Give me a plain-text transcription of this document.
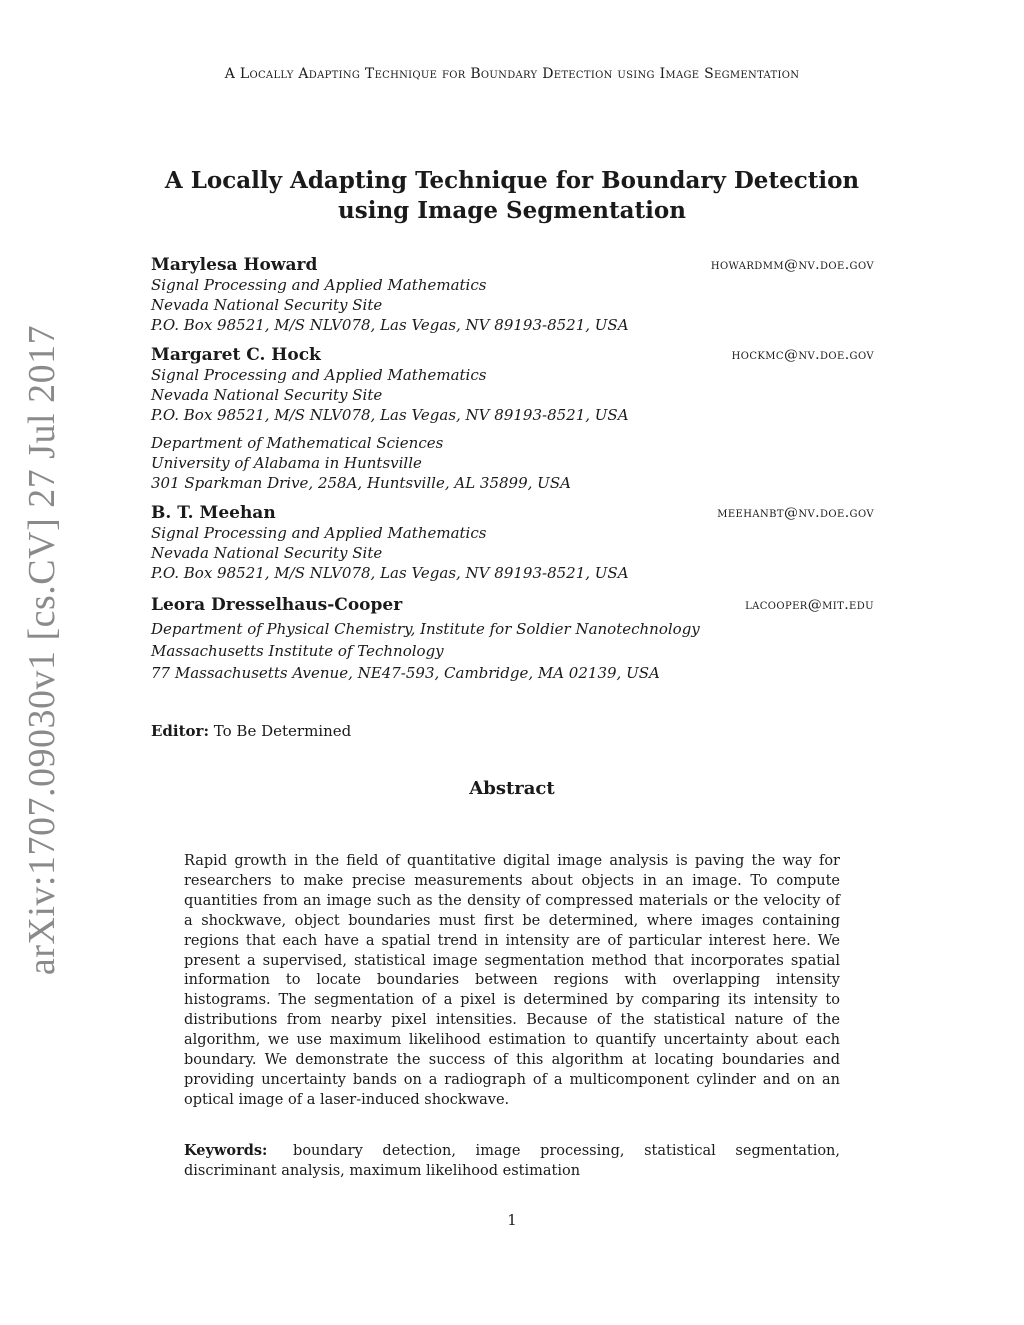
A Locally Adapting Technique for Boundary Detection using Image Segmentation
A Locally Adapting Technique for Boundary Detection using Image Segmentation
Marylesa Howard	howardmm@nv.doe.gov
Signal Processing and Applied Mathematics
Nevada National Security Site
P.O. Box 98521, M/S NLV078, Las Vegas, NV 89193-8521, USA
Margaret C. Hock	hockmc@nv.doe.gov
Signal Processing and Applied Mathematics
Nevada National Security Site
P.O. Box 98521, M/S NLV078, Las Vegas, NV 89193-8521, USA
Department of Mathematical Sciences
University of Alabama in Huntsville
301 Sparkman Drive, 258A, Huntsville, AL 35899, USA
B. T. Meehan	meehanbt@nv.doe.gov
Signal Processing and Applied Mathematics
Nevada National Security Site
P.O. Box 98521, M/S NLV078, Las Vegas, NV 89193-8521, USA
Leora Dresselhaus-Cooper	lacooper@mit.edu
Department of Physical Chemistry, Institute for Soldier Nanotechnology
Massachusetts Institute of Technology
77 Massachusetts Avenue, NE47-593, Cambridge, MA 02139, USA
Editor: To Be Determined
Abstract
Rapid growth in the field of quantitative digital image analysis is paving the way for researchers to make precise measurements about objects in an image. To compute quantities from an image such as the density of compressed materials or the velocity of a shockwave, object boundaries must first be determined, where images containing regions that each have a spatial trend in intensity are of particular interest here. We present a supervised, statistical image segmentation method that incorporates spatial information to locate boundaries between regions with overlapping intensity histograms. The segmentation of a pixel is determined by comparing its intensity to distributions from nearby pixel intensities. Because of the statistical nature of the algorithm, we use maximum likelihood estimation to quantify uncertainty about each boundary. We demonstrate the success of this algorithm at locating boundaries and providing uncertainty bands on a radiograph of a multicomponent cylinder and on an optical image of a laser-induced shockwave.
Keywords: boundary detection, image processing, statistical segmentation, discriminant analysis, maximum likelihood estimation
1
arXiv:1707.09030v1 [cs.CV] 27 Jul 2017
